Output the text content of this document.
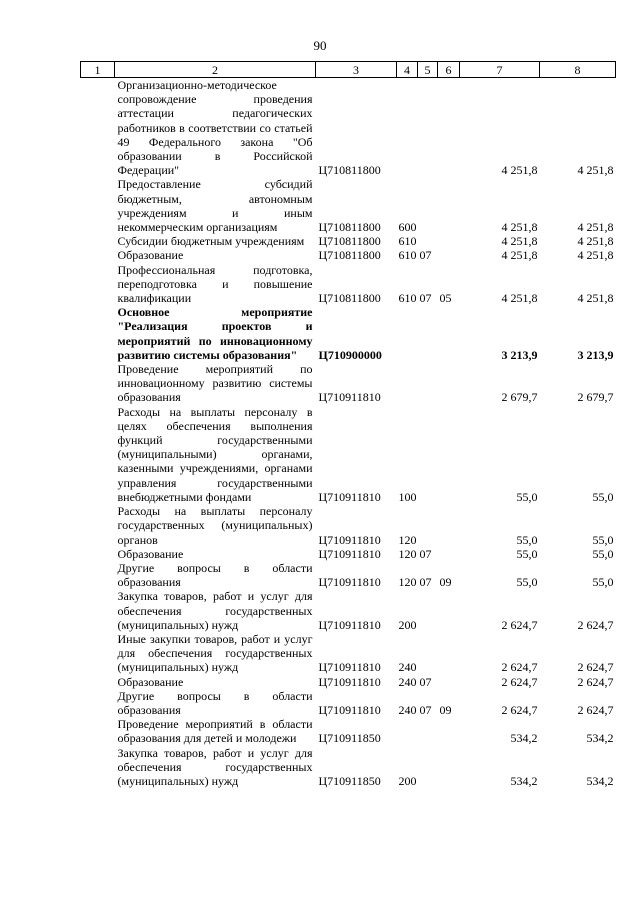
90
1	2	3	4	5	6	7	8
	Организационно-методическое сопровождение проведения аттестации педагогических работников в соответствии со статьей 49 Федерального закона "Об образовании в Российской Федерации"	Ц710811800				4 251,8	4 251,8
	Предоставление субсидий бюджетным, автономным учреждениям и иным некоммерческим организациям	Ц710811800	600			4 251,8	4 251,8
	Субсидии бюджетным учреждениям	Ц710811800	610			4 251,8	4 251,8
	Образование	Ц710811800	610	07		4 251,8	4 251,8
	Профессиональная подготовка, переподготовка и повышение квалификации	Ц710811800	610	07	05	4 251,8	4 251,8
	Основное мероприятие "Реализация проектов и мероприятий по инновационному развитию системы образования"	Ц710900000				3 213,9	3 213,9
	Проведение мероприятий по инновационному развитию системы образования	Ц710911810				2 679,7	2 679,7
	Расходы на выплаты персоналу в целях обеспечения выполнения функций государственными (муниципальными) органами, казенными учреждениями, органами управления государственными внебюджетными фондами	Ц710911810	100			55,0	55,0
	Расходы на выплаты персоналу государственных (муниципальных) органов	Ц710911810	120			55,0	55,0
	Образование	Ц710911810	120	07		55,0	55,0
	Другие вопросы в области образования	Ц710911810	120	07	09	55,0	55,0
	Закупка товаров, работ и услуг для обеспечения государственных (муниципальных) нужд	Ц710911810	200			2 624,7	2 624,7
	Иные закупки товаров, работ и услуг для обеспечения государственных (муниципальных) нужд	Ц710911810	240			2 624,7	2 624,7
	Образование	Ц710911810	240	07		2 624,7	2 624,7
	Другие вопросы в области образования	Ц710911810	240	07	09	2 624,7	2 624,7
	Проведение мероприятий в области образования для детей и молодежи	Ц710911850				534,2	534,2
	Закупка товаров, работ и услуг для обеспечения государственных (муниципальных) нужд	Ц710911850	200			534,2	534,2
